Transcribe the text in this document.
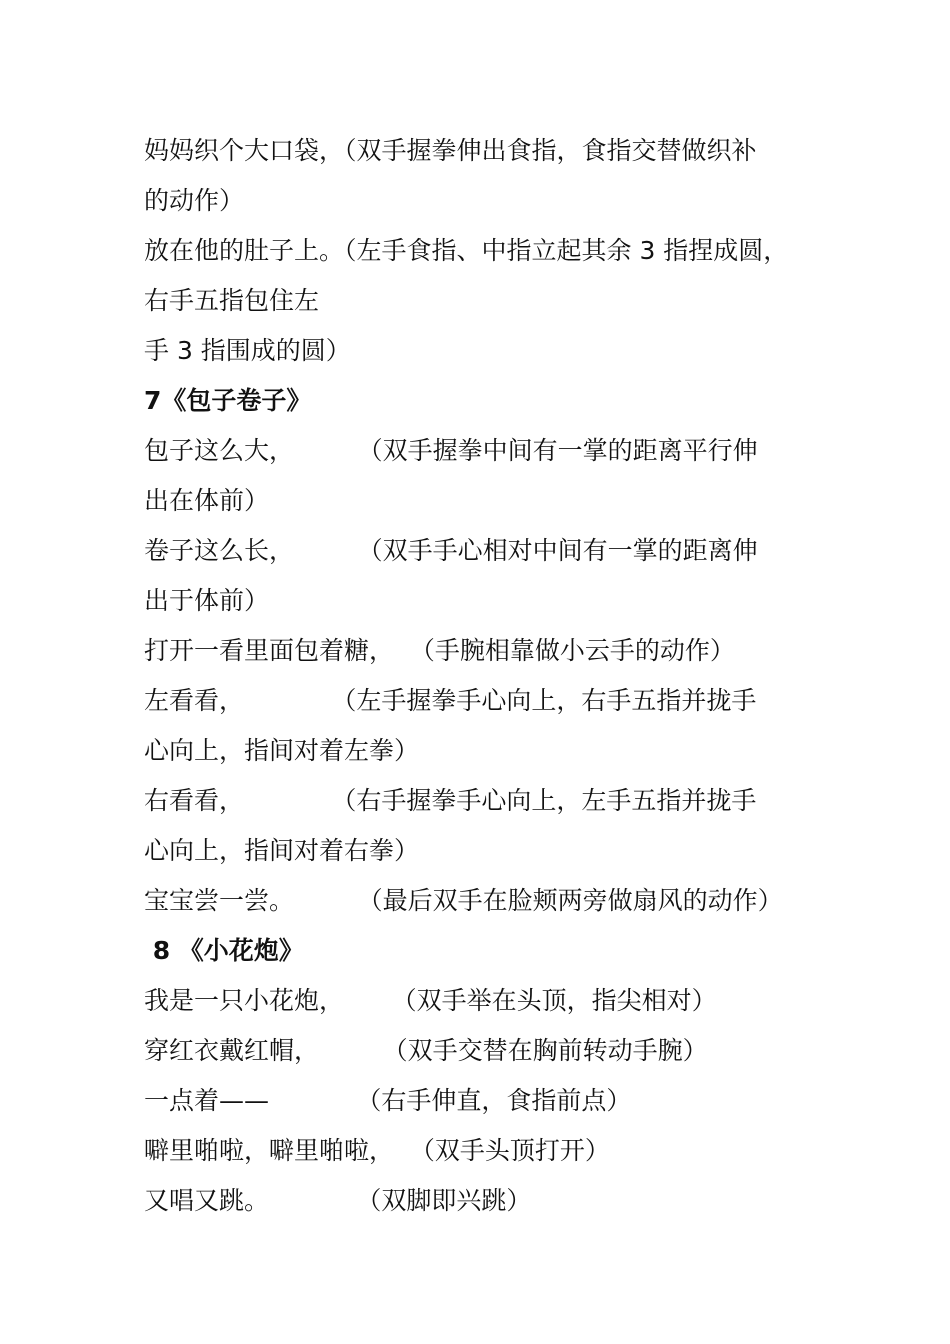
妈妈织个大口袋，（双手握拳伸出食指，食指交替做织补
的动作）
放在他的肚子上。（左手食指、中指立起其余 3 指捏成圆，
右手五指包住左
手 3 指围成的圆）
7《包子卷子》
包子这么大，        （双手握拳中间有一掌的距离平行伸
出在体前）
卷子这么长，        （双手手心相对中间有一掌的距离伸
出于体前）
打开一看里面包着糖，  （手腕相靠做小云手的动作）
左看看，           （左手握拳手心向上，右手五指并拢手
心向上，指间对着左拳）
右看看，           （右手握拳手心向上，左手五指并拢手
心向上，指间对着右拳）
宝宝尝一尝。        （最后双手在脸颊两旁做扇风的动作）
8 《小花炮》
我是一只小花炮，      （双手举在头顶，指尖相对）
穿红衣戴红帽，        （双手交替在胸前转动手腕）
一点着——           （右手伸直，食指前点）
噼里啪啦，噼里啪啦，  （双手头顶打开）
又唱又跳。           （双脚即兴跳）
